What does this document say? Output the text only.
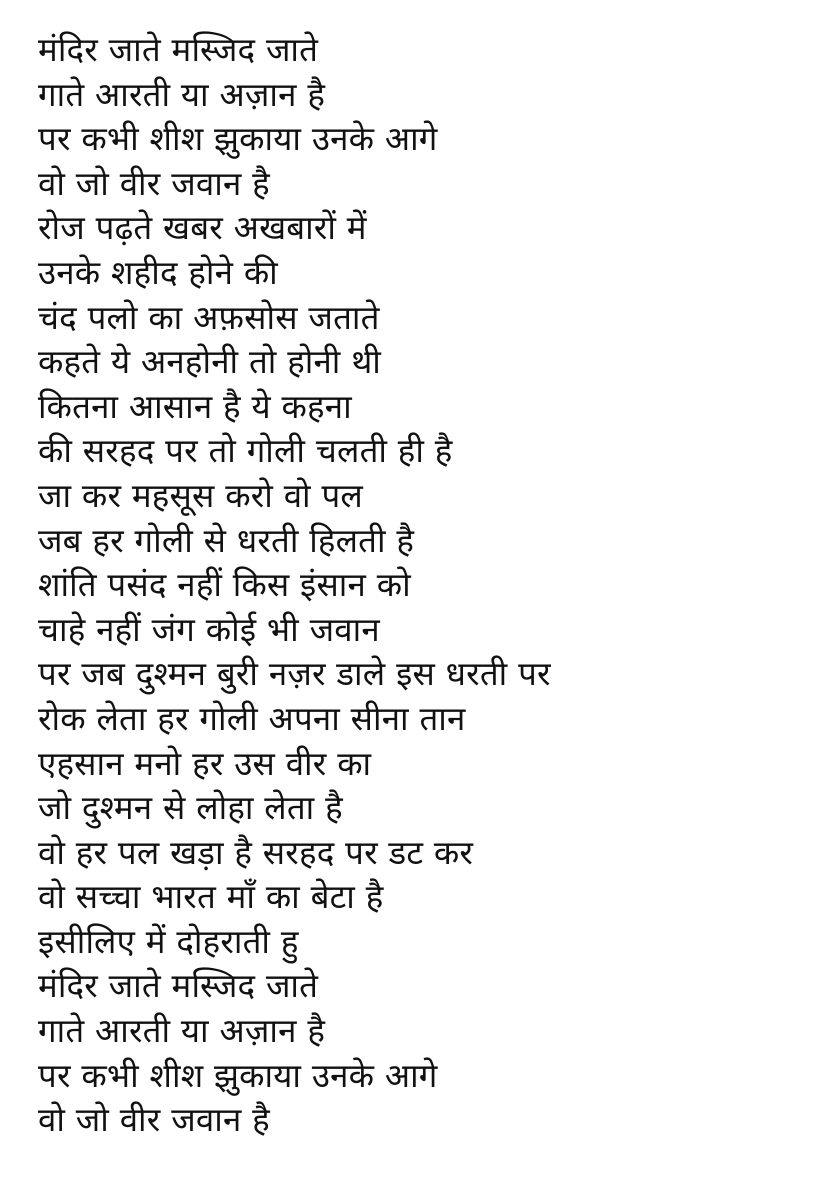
मंदिर जाते मस्जिद जाते
गाते आरती या अज़ान है
पर कभी शीश झुकाया उनके आगे
वो जो वीर जवान है
रोज पढ़ते खबर अखबारों में
उनके शहीद होने की
चंद पलो का अफ़सोस जताते
कहते ये अनहोनी तो होनी थी
कितना आसान है ये कहना
की सरहद पर तो गोली चलती ही है
जा कर महसूस करो वो पल
जब हर गोली से धरती हिलती है
शांति पसंद नहीं किस इंसान को
चाहे नहीं जंग कोई भी जवान
पर जब दुश्मन बुरी नज़र डाले इस धरती पर
रोक लेता हर गोली अपना सीना तान
एहसान मनो हर उस वीर का
जो दुश्मन से लोहा लेता है
वो हर पल खड़ा है सरहद पर डट कर
वो सच्चा भारत माँ का बेटा है
इसीलिए में दोहराती हु
मंदिर जाते मस्जिद जाते
गाते आरती या अज़ान है
पर कभी शीश झुकाया उनके आगे
वो जो वीर जवान है
